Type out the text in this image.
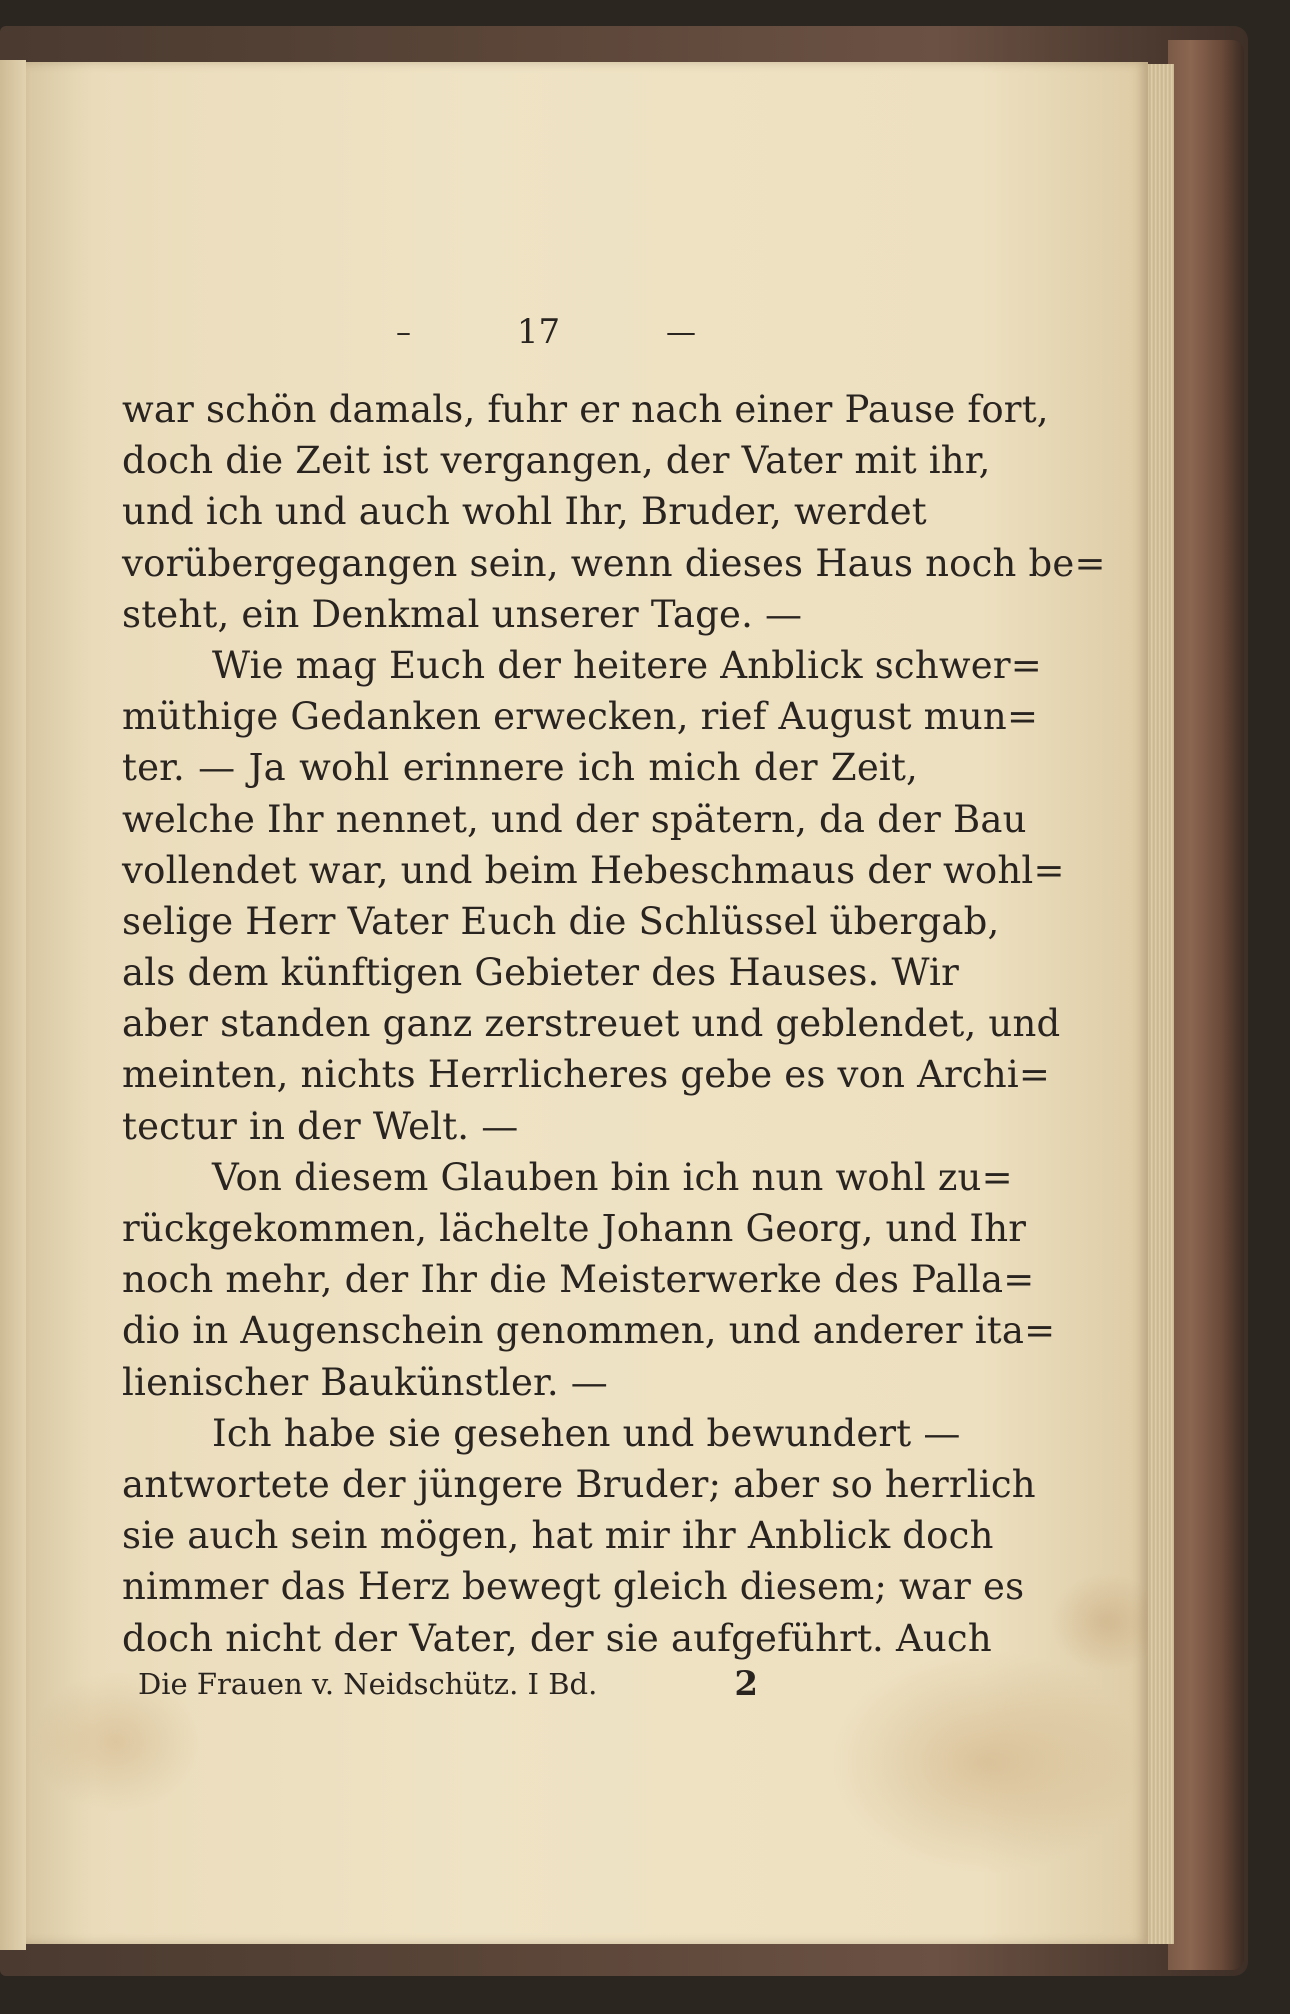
–	17	—
war schön damals, fuhr er nach einer Pause fort,
doch die Zeit ist vergangen, der Vater mit ihr,
und ich und auch wohl Ihr, Bruder, werdet
vorübergegangen sein, wenn dieses Haus noch be=
steht, ein Denkmal unserer Tage. —
Wie mag Euch der heitere Anblick schwer=
müthige Gedanken erwecken, rief August mun=
ter. — Ja wohl erinnere ich mich der Zeit,
welche Ihr nennet, und der spätern, da der Bau
vollendet war, und beim Hebeschmaus der wohl=
selige Herr Vater Euch die Schlüssel übergab,
als dem künftigen Gebieter des Hauses. Wir
aber standen ganz zerstreuet und geblendet, und
meinten, nichts Herrlicheres gebe es von Archi=
tectur in der Welt. —
Von diesem Glauben bin ich nun wohl zu=
rückgekommen, lächelte Johann Georg, und Ihr
noch mehr, der Ihr die Meisterwerke des Palla=
dio in Augenschein genommen, und anderer ita=
lienischer Baukünstler. —
Ich habe sie gesehen und bewundert —
antwortete der jüngere Bruder; aber so herrlich
sie auch sein mögen, hat mir ihr Anblick doch
nimmer das Herz bewegt gleich diesem; war es
doch nicht der Vater, der sie aufgeführt. Auch
Die Frauen v. Neidschütz. I Bd.	2
